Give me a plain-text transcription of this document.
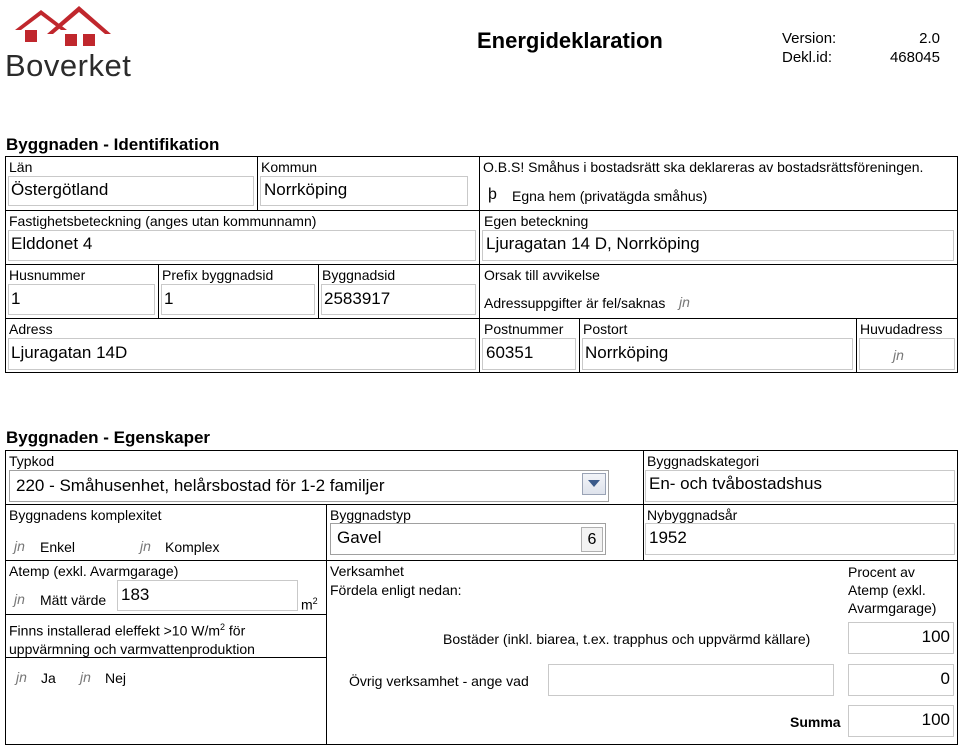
Boverket
Energideklaration	Version:	2.0
Dekl.id:	468045
Byggnaden - Identifikation
Län
Östergötland
Kommun
Norrköping
O.B.S! Småhus i bostadsrätt ska deklareras av bostadsrättsföreningen.
þ Egna hem (privatägda småhus)
Fastighetsbeteckning (anges utan kommunnamn)
Elddonet 4
Egen beteckning
Ljuragatan 14 D, Norrköping
Husnummer
1
Prefix byggnadsid
1
Byggnadsid
2583917
Orsak till avvikelse
Adressuppgifter är fel/saknas jn
Adress
Ljuragatan 14D
Postnummer
60351
Postort
Norrköping
Huvudadress
jn
Byggnaden - Egenskaper
Typkod
220 - Småhusenhet, helårsbostad för 1-2 familjer
Byggnadskategori
En- och tvåbostadshus
Byggnadens komplexitet
jn Enkel	jn Komplex
Byggnadstyp
Gavel	6
Nybyggnadsår
1952
Atemp (exkl. Avarmgarage)
jn Mätt värde 183
$m^2$
Finns installerad eleffekt >10 $W/m^2$ för
uppvärmning och varmvattenproduktion
jn Ja jn Nej
Verksamhet
Fördela enligt nedan:
Procent av
Atemp (exkl.
Avarmgarage)
Bostäder (inkl. biarea, t.ex. trapphus och uppvärmd källare)	100
Övrig verksamhet - ange vad	0
Summa	100
